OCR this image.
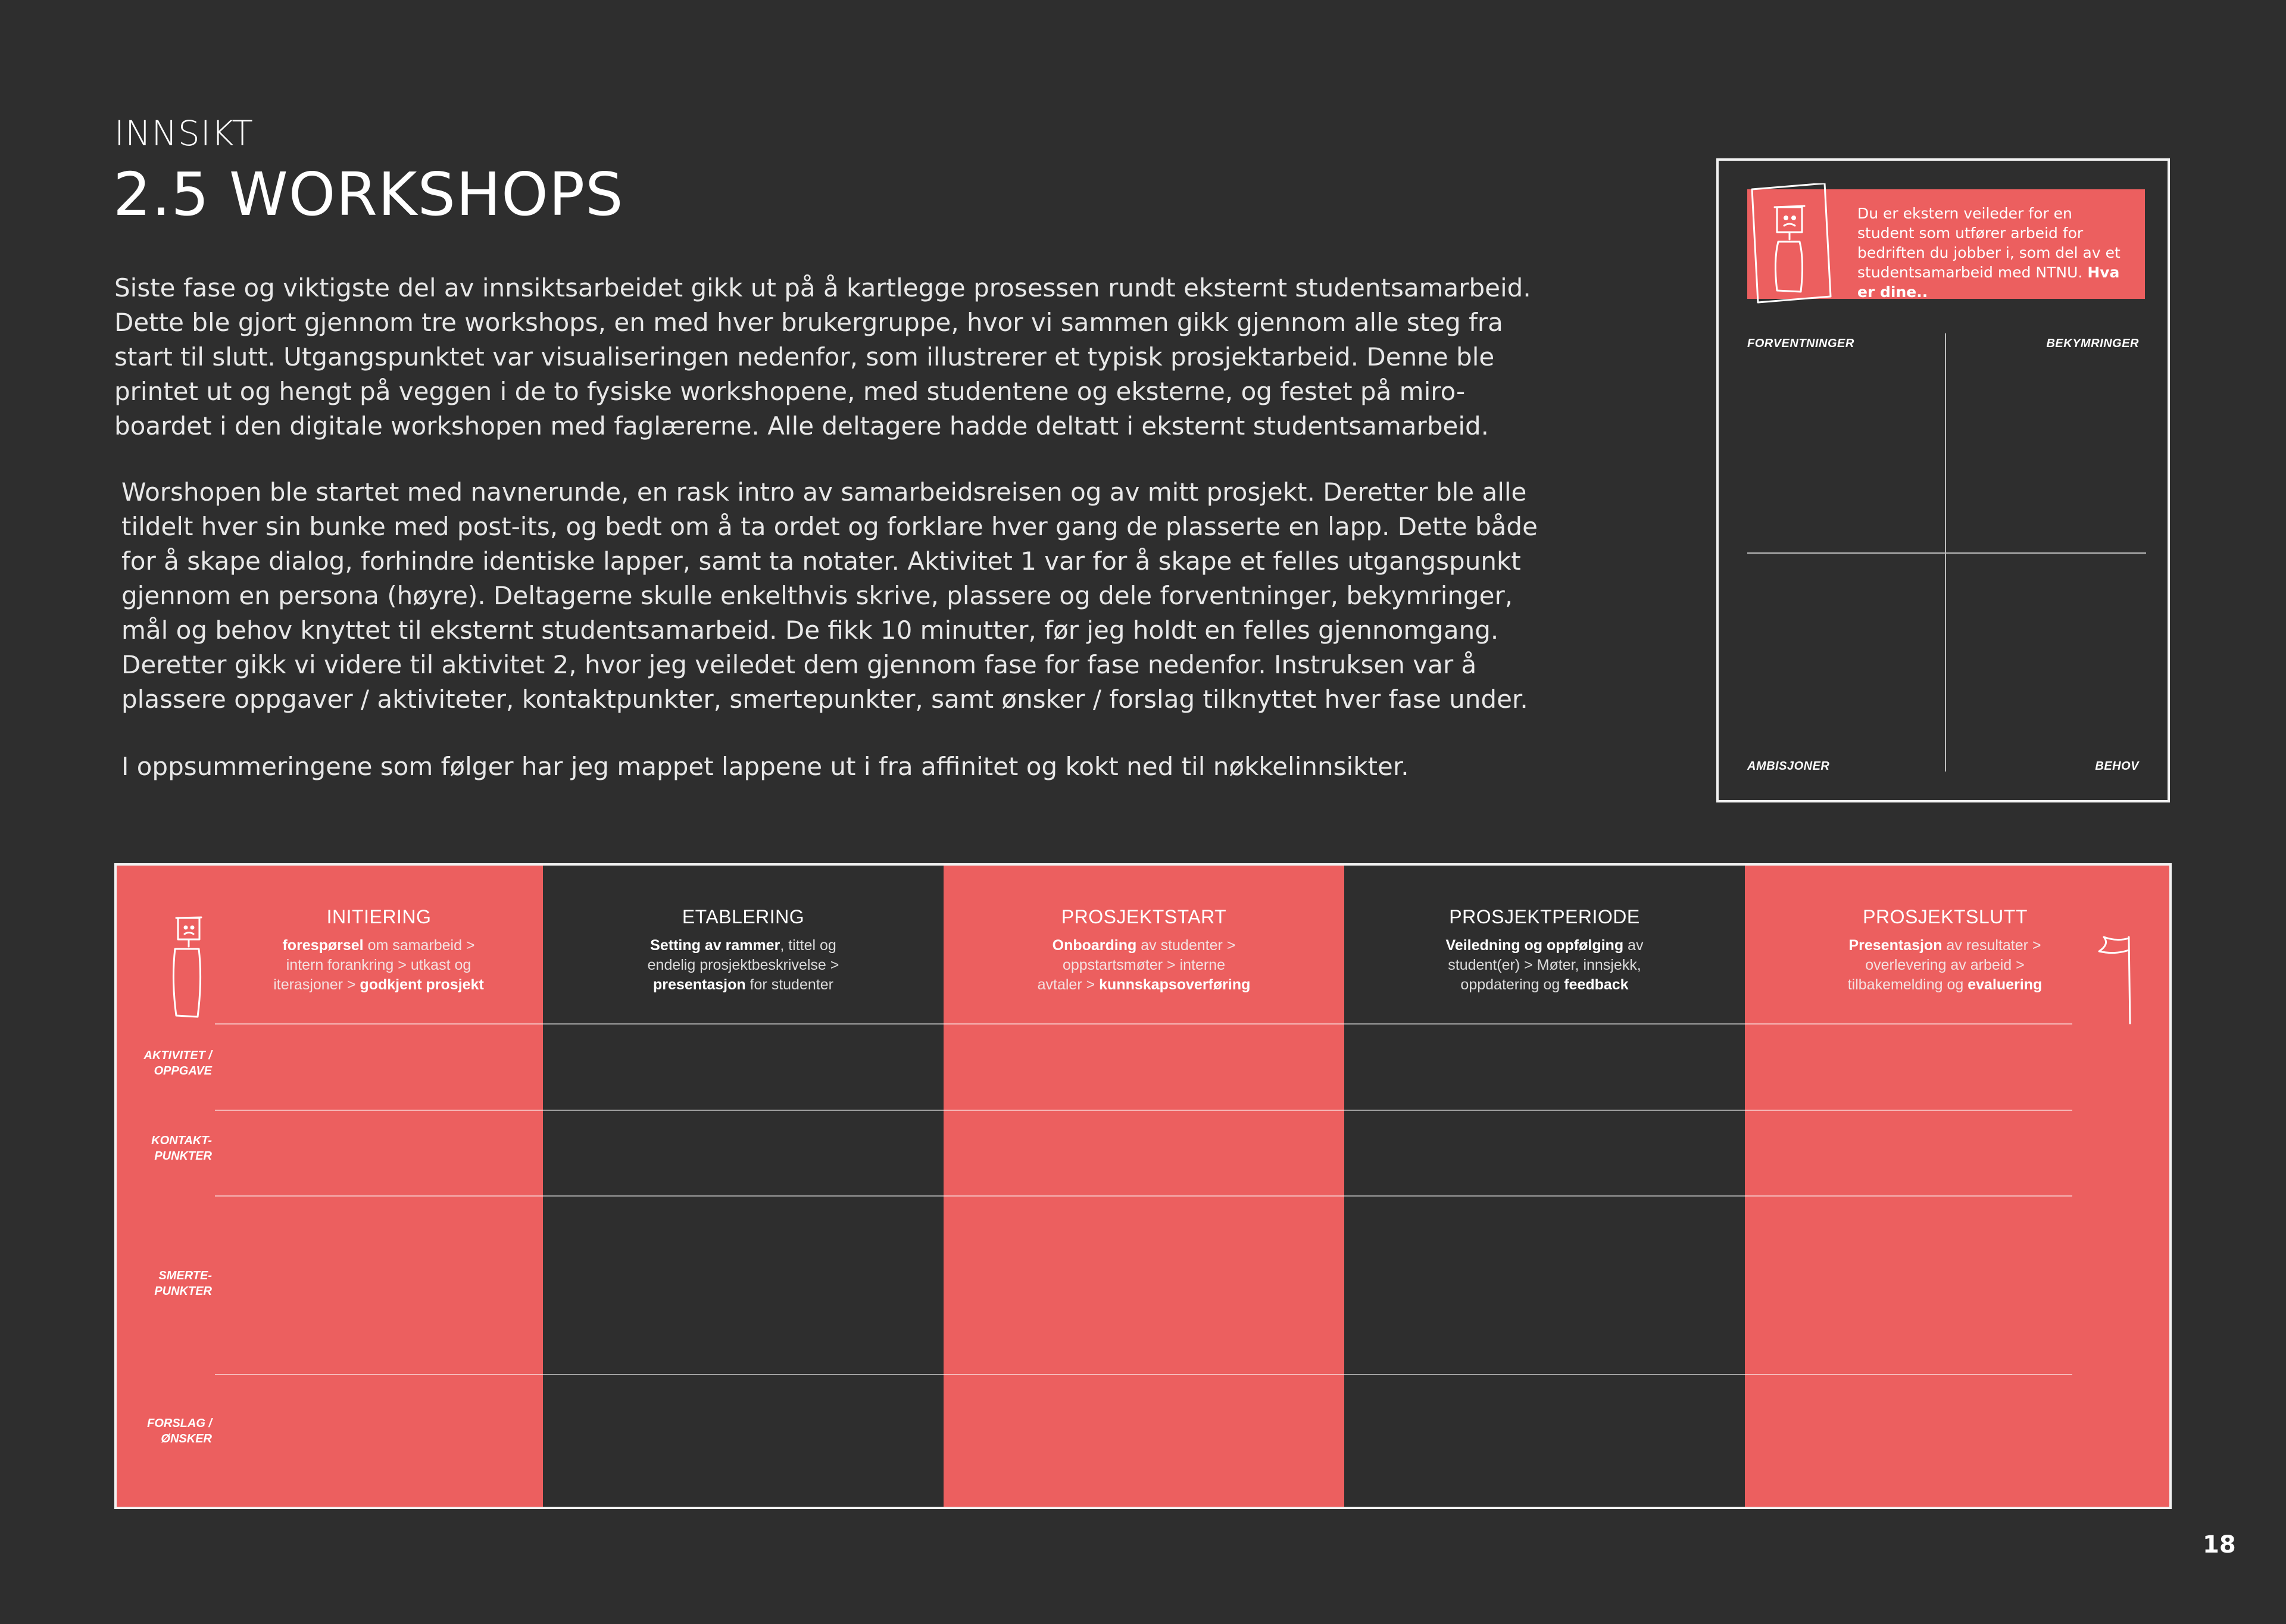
INNSIKT
2.5 WORKSHOPS
Siste fase og viktigste del av innsiktsarbeidet gikk ut på å kartlegge prosessen rundt eksternt studentsamarbeid. Dette ble gjort gjennom tre workshops, en med hver brukergruppe, hvor vi sammen gikk gjennom alle steg fra start til slutt. Utgangspunktet var visualiseringen nedenfor, som illustrerer et typisk prosjektarbeid. Denne ble printet ut og hengt på veggen i de to fysiske workshopene, med studentene og eksterne, og festet på miro-boardet i den digitale workshopen med faglærerne. Alle deltagere hadde deltatt i eksternt studentsamarbeid.
Worshopen ble startet med navnerunde, en rask intro av samarbeidsreisen og av mitt prosjekt. Deretter ble alle tildelt hver sin bunke med post-its, og bedt om å ta ordet og forklare hver gang de plasserte en lapp. Dette både for å skape dialog, forhindre identiske lapper, samt ta notater. Aktivitet 1 var for å skape et felles utgangspunkt gjennom en persona (høyre). Deltagerne skulle enkelthvis skrive, plassere og dele forventninger, bekymringer, mål og behov knyttet til eksternt studentsamarbeid. De fikk 10 minutter, før jeg holdt en felles gjennomgang. Deretter gikk vi videre til aktivitet 2, hvor jeg veiledet dem gjennom fase for fase nedenfor. Instruksen var å plassere oppgaver / aktiviteter, kontaktpunkter, smertepunkter, samt ønsker / forslag tilknyttet hver fase under.
I oppsummeringene som følger har jeg mappet lappene ut i fra affinitet og kokt ned til nøkkelinnsikter.
Du er ekstern veileder for en student som utfører arbeid for bedriften du jobber i, som del av et studentsamarbeid med NTNU. Hva er dine..
FORVENTNINGER	BEKYMRINGER
AMBISJONER	BEHOV
INITIERING
forespørsel om samarbeid >
intern forankring > utkast og
iterasjoner > godkjent prosjekt
ETABLERING
Setting av rammer, tittel og
endelig prosjektbeskrivelse >
presentasjon for studenter
PROSJEKTSTART
Onboarding av studenter >
oppstartsmøter > interne
avtaler > kunnskapsoverføring
PROSJEKTPERIODE
Veiledning og oppfølging av
student(er) > Møter, innsjekk,
oppdatering og feedback
PROSJEKTSLUTT
Presentasjon av resultater >
overlevering av arbeid >
tilbakemelding og evaluering
AKTIVITET /
OPPGAVE
KONTAKT-
PUNKTER
SMERTE-
PUNKTER
FORSLAG /
ØNSKER
18
